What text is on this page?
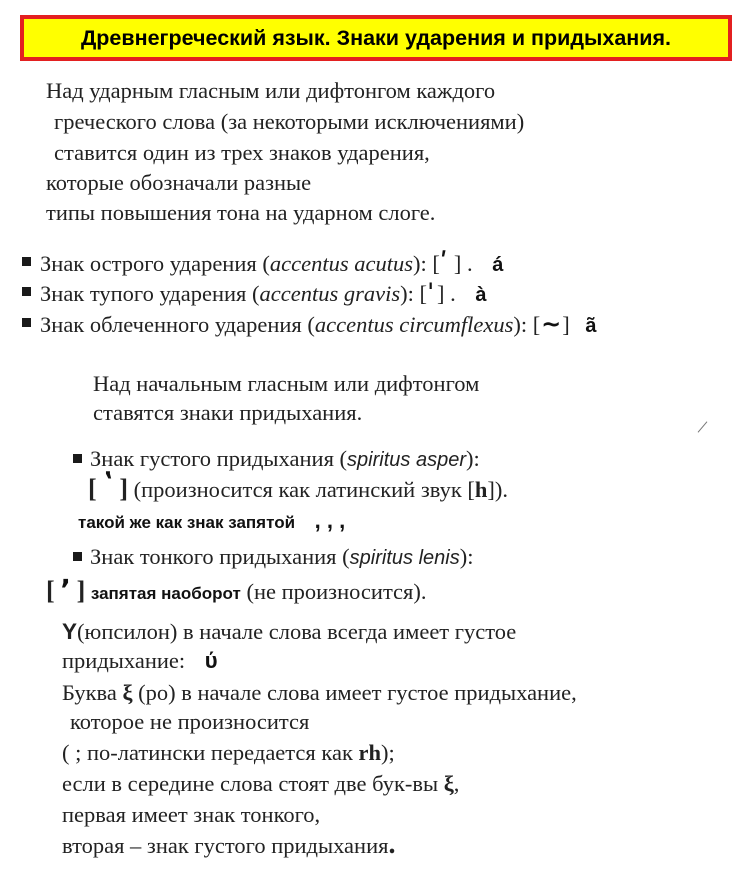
Древнегреческий язык. Знаки ударения и придыхания.
Над ударным гласным или дифтонгом каждого
греческого слова (за некоторыми исключениями)
ставится один из трех знаков ударения,
которые обозначали разные
типы повышения тона на ударном слоге.
Знак острого ударения (accentus acutus): [ʹ ] . á
Знак тупого ударения (accentus gravis): [ˈ ] . à
Знак облеченного ударения (accentus circumflexus): [~] ã
Над начальным гласным или дифтонгом
ставятся знаки придыхания.
Знак густого придыхания (spiritus asper):
[ ʽ ] (произносится как латинский звук [h]).
такой же как знак запятой , , ,
Знак тонкого придыхания (spiritus lenis):
[ ʼ ] запятая наоборот (не произносится).
Υ(юпсилон) в начале слова всегда имеет густое
придыхание: ύ
Буква ξ (ро) в начале слова имеет густое придыхание,
которое не произносится
( ; по-латински передается как rh);
если в середине слова стоят две бук-вы ξ,
первая имеет знак тонкого,
вторая – знак густого придыхания.
